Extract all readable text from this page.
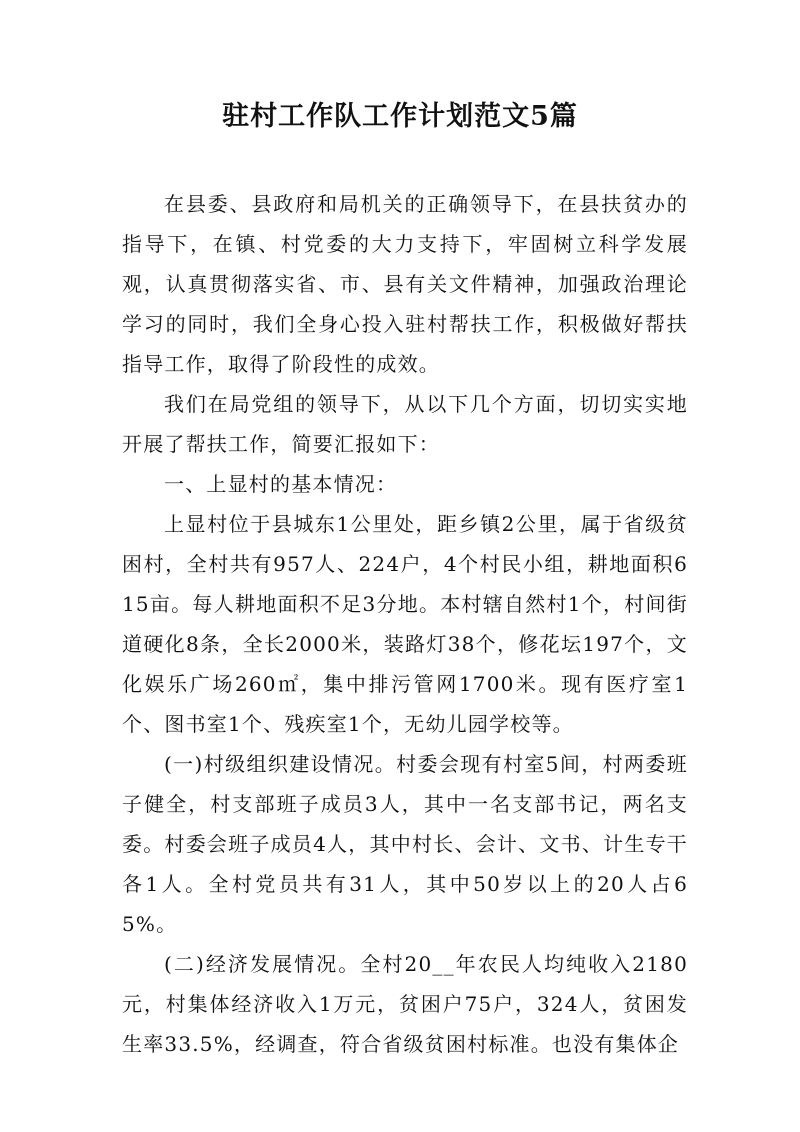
驻村工作队工作计划范文5篇

在县委、县政府和局机关的正确领导下，在县扶贫办的指导下，在镇、村党委的大力支持下，牢固树立科学发展观，认真贯彻落实省、市、县有关文件精神，加强政治理论学习的同时，我们全身心投入驻村帮扶工作，积极做好帮扶指导工作，取得了阶段性的成效。

我们在局党组的领导下，从以下几个方面，切切实实地开展了帮扶工作，简要汇报如下：

一、上显村的基本情况：

上显村位于县城东1公里处，距乡镇2公里，属于省级贫困村，全村共有957人、224户，4个村民小组，耕地面积615亩。每人耕地面积不足3分地。本村辖自然村1个，村间街道硬化8条，全长2000米，装路灯38个，修花坛197个，文化娱乐广场260㎡，集中排污管网1700米。现有医疗室1个、图书室1个、残疾室1个，无幼儿园学校等。

(一)村级组织建设情况。村委会现有村室5间，村两委班子健全，村支部班子成员3人，其中一名支部书记，两名支委。村委会班子成员4人，其中村长、会计、文书、计生专干各1人。全村党员共有31人，其中50岁以上的20人占65%。

(二)经济发展情况。全村20__年农民人均纯收入2180元，村集体经济收入1万元，贫困户75户，324人，贫困发生率33.5%，经调查，符合省级贫困村标准。也没有集体企
